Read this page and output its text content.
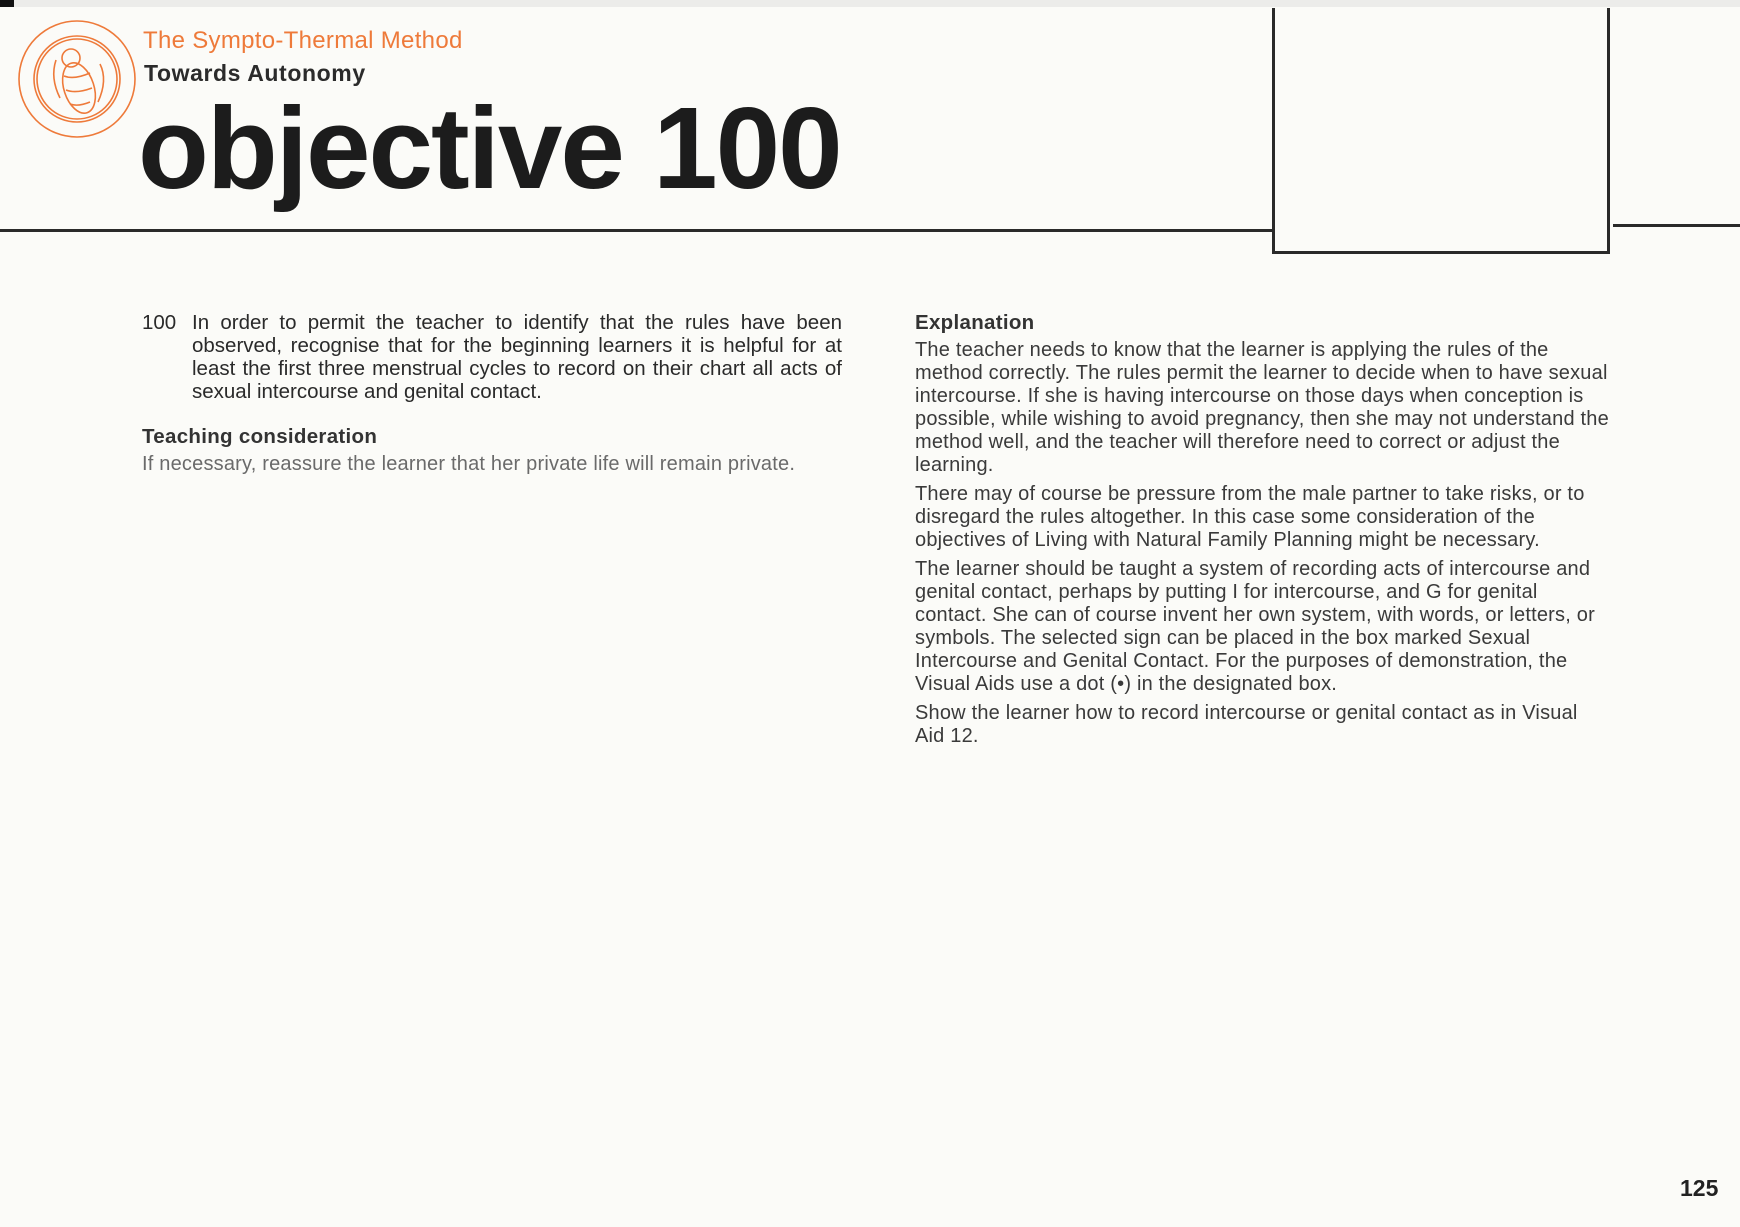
The Sympto-Thermal Method
Towards Autonomy
objective 100
100 In order to permit the teacher to identify that the rules have been observed, recognise that for the beginning learners it is helpful for at least the first three menstrual cycles to record on their chart all acts of sexual intercourse and genital contact.
Teaching consideration
If necessary, reassure the learner that her private life will remain private.
Explanation

The teacher needs to know that the learner is applying the rules of the method correctly. The rules permit the learner to decide when to have sexual intercourse. If she is having intercourse on those days when conception is possible, while wishing to avoid pregnancy, then she may not understand the method well, and the teacher will therefore need to correct or adjust the learning.

There may of course be pressure from the male partner to take risks, or to disregard the rules altogether. In this case some consideration of the objectives of Living with Natural Family Planning might be necessary.

The learner should be taught a system of recording acts of intercourse and genital contact, perhaps by putting I for intercourse, and G for genital contact. She can of course invent her own system, with words, or letters, or symbols. The selected sign can be placed in the box marked Sexual Intercourse and Genital Contact. For the purposes of demonstration, the Visual Aids use a dot (•) in the designated box.

Show the learner how to record intercourse or genital contact as in Visual Aid 12.

125
